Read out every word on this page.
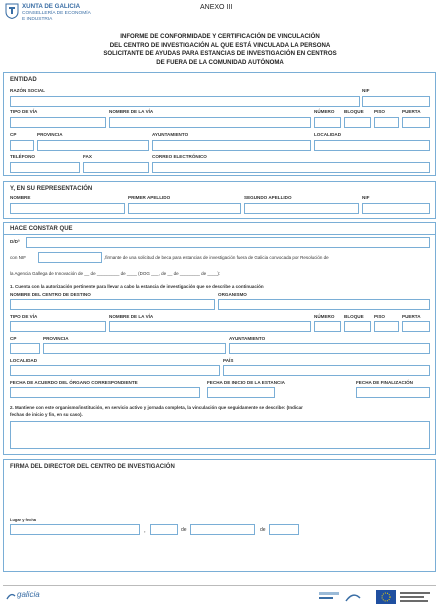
XUNTA DE GALICIA
CONSELLERÍA DE ECONOMÍA
E INDUSTRIA
ANEXO III
INFORME DE CONFORMIDADE Y CERTIFICACIÓN DE VINCULACIÓN
DEL CENTRO DE INVESTIGACIÓN AL QUE ESTÁ VINCULADA LA PERSONA
SOLICITANTE DE AYUDAS PARA ESTANCIAS DE INVESTIGACIÓN EN CENTROS
DE FUERA DE LA COMUNIDAD AUTÓNOMA
ENTIDAD
RAZÓN SOCIAL	NIF
TIPO DE VÍA	NOMBRE DE LA VÍA	NÚMERO BLOQUE PISO	PUERTA
CP	PROVINCIA	AYUNTAMIENTO	LOCALIDAD
TELÉFONO	FAX	CORREO ELECTRÓNICO
Y, EN SU REPRESENTACIÓN
NOMBRE	PRIMER APELLIDO	SEGUNDO APELLIDO	NIF
HACE CONSTAR QUE
D/Dª
con NIF	,firmante de una solicitud de beca para estancias de investigación fuera de Galicia convocada por Resolución de
la Agencia Gallega de Innovación de __ de _________ de ____ (DOG ___, de __ de ________ de ____):
1. Cuenta con la autorización pertinente para llevar a cabo la estancia de investigación que se describe a continuación
NOMBRE DEL CENTRO DE DESTINO	ORGANISMO
TIPO DE VÍA	NOMBRE DE LA VÍA	NÚMERO BLOQUE PISO	PUERTA
CP	PROVINCIA	AYUNTAMIENTO
LOCALIDAD	PAÍS
FECHA DE ACUERDO DEL ÓRGANO CORRESPONDIENTE	FECHA DE INICIO DE LA ESTANCIA	FECHA DE FINALIZACIÓN
2. Mantiene con este organismo/institución, en servicio activo y jornada completa, la vinculación que seguidamente se describe: (Indicar
fechas de inicio y fin, en su caso).
FIRMA DEL DIRECTOR DEL CENTRO DE INVESTIGACIÓN
Lugar y fecha
,	de	de
galicia
